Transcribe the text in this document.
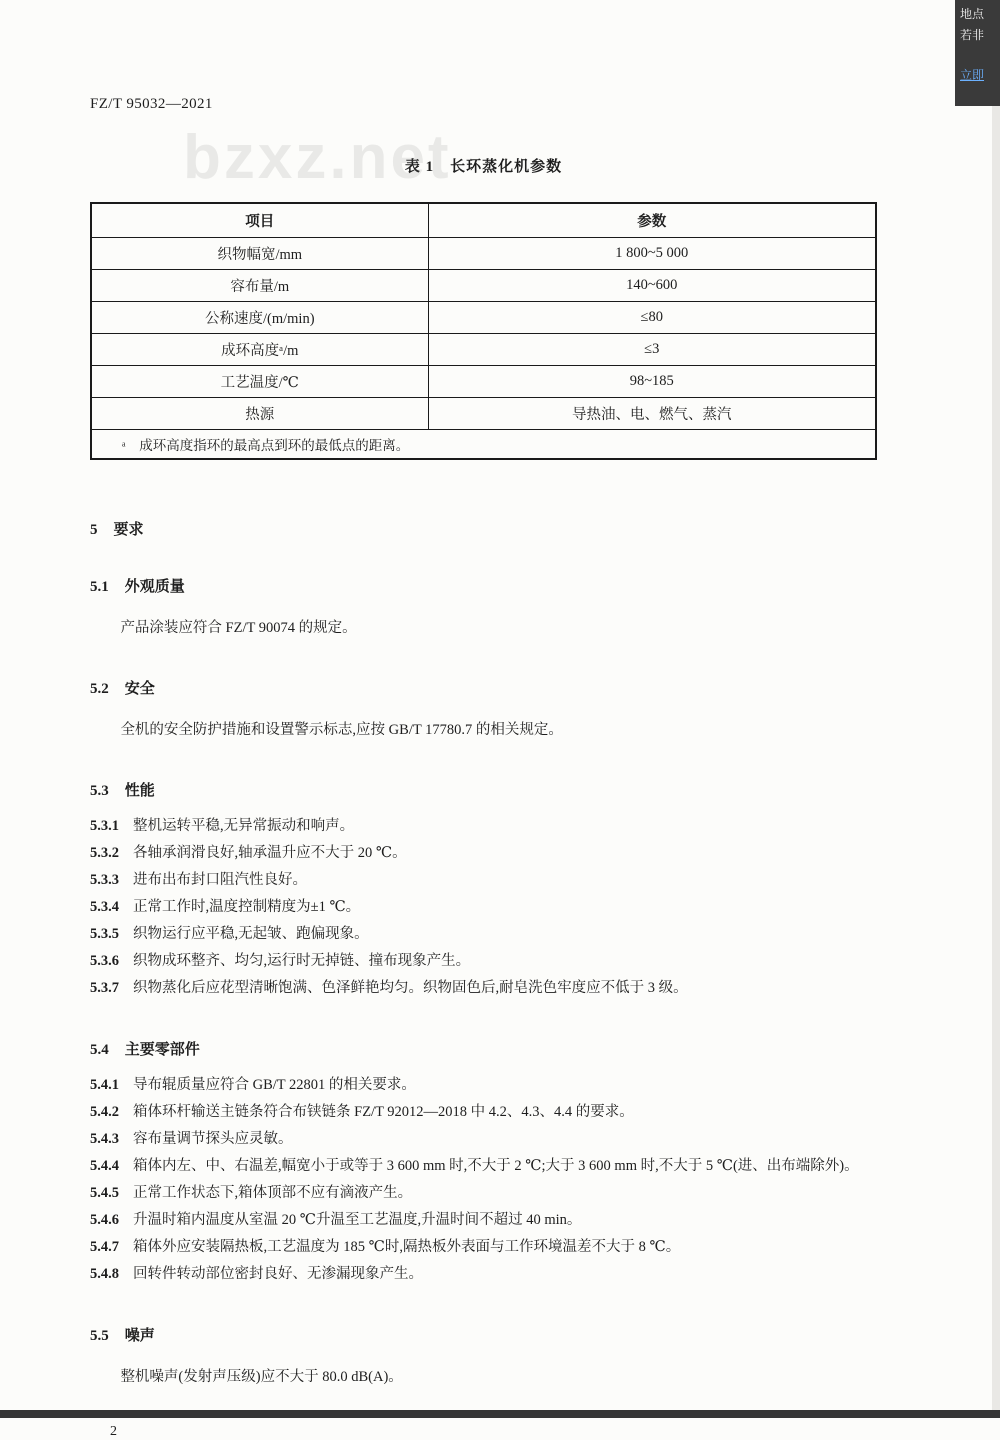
bzxz.net
FZ/T 95032—2021
表 1　长环蒸化机参数
项目	参数
织物幅宽/mm	1 800~5 000
容布量/m	140~600
公称速度/(m/min)	≤80
成环高度ᵃ/m	≤3
工艺温度/℃	98~185
热源	导热油、电、燃气、蒸汽
ᵃ　成环高度指环的最高点到环的最低点的距离。	
5 要求
5.1 外观质量

产品涂装应符合 FZ/T 90074 的规定。

5.2 安全

全机的安全防护措施和设置警示标志,应按 GB/T 17780.7 的相关规定。

5.3 性能

5.3.1 整机运转平稳,无异常振动和响声。

5.3.2 各轴承润滑良好,轴承温升应不大于 20 ℃。

5.3.3 进布出布封口阻汽性良好。

5.3.4 正常工作时,温度控制精度为±1 ℃。

5.3.5 织物运行应平稳,无起皱、跑偏现象。

5.3.6 织物成环整齐、均匀,运行时无掉链、撞布现象产生。

5.3.7 织物蒸化后应花型清晰饱满、色泽鲜艳均匀。织物固色后,耐皂洗色牢度应不低于 3 级。

5.4 主要零部件

5.4.1 导布辊质量应符合 GB/T 22801 的相关要求。

5.4.2 箱体环杆输送主链条符合布铗链条 FZ/T 92012—2018 中 4.2、4.3、4.4 的要求。

5.4.3 容布量调节探头应灵敏。

5.4.4 箱体内左、中、右温差,幅宽小于或等于 3 600 mm 时,不大于 2 ℃;大于 3 600 mm 时,不大于 5 ℃(进、出布端除外)。

5.4.5 正常工作状态下,箱体顶部不应有滴液产生。

5.4.6 升温时箱内温度从室温 20 ℃升温至工艺温度,升温时间不超过 40 min。

5.4.7 箱体外应安装隔热板,工艺温度为 185 ℃时,隔热板外表面与工作环境温差不大于 8 ℃。

5.4.8 回转件转动部位密封良好、无渗漏现象产生。

5.5 噪声

整机噪声(发射声压级)应不大于 80.0 dB(A)。

2
地点
若非
立即
